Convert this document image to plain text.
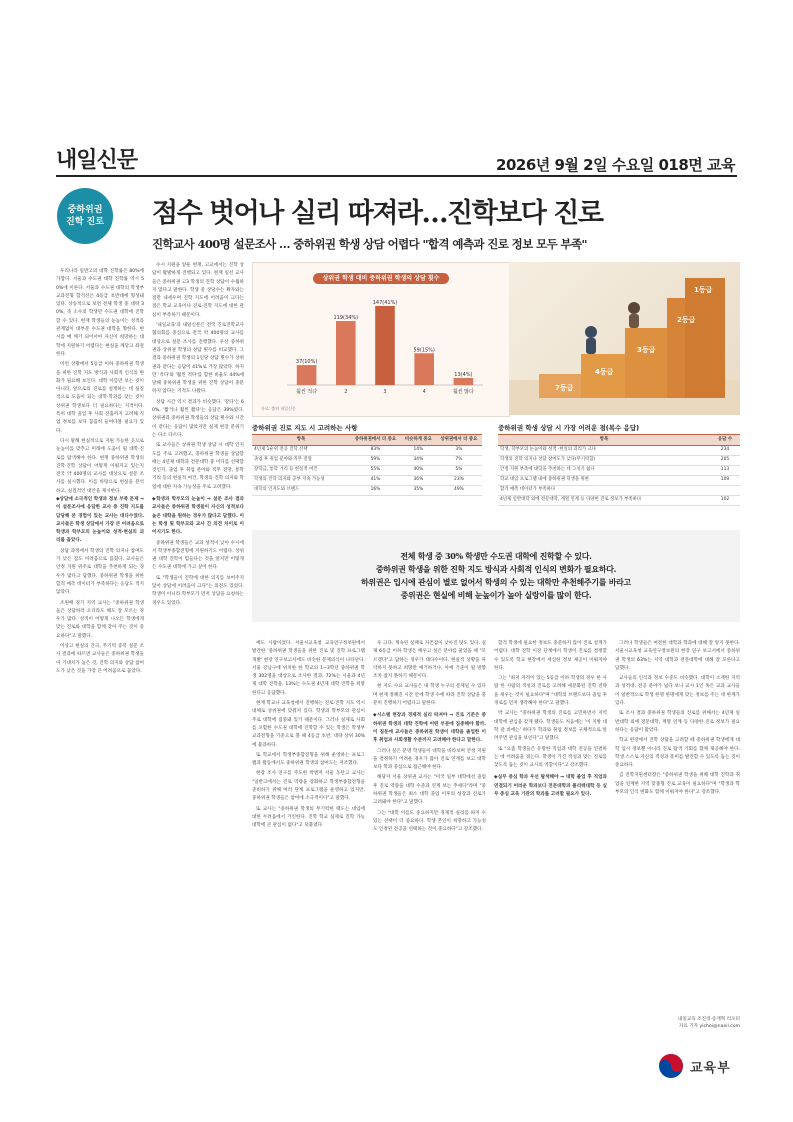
내일신문	2026년 9월 2일 수요일 018면 교육
중하위권
진학 진로 점수 벗어나 실리 따져라…진학보다 진로
진학교사 400명 설문조사 … 중하위권 학생 상담 어렵다 "합격 예측과 진로 정보 모두 부족"

우리나라 일반고의 대학 진학률은 80%에 가깝다. 서울과 수도권 대학 진학률 역시 50%에 이른다. 서울과 수도권 대학의 학생부교과전형 합격선은 4등급 초반대에 형성돼 있다. 상승적으로 보면 전체 학생 중 대략 30%, 즉 소수의 학생만 수도권 대학에 진학할 수 있다. 현재 학생들의 눈높이는 성적과 관계없이 대부분 수도권 대학을 향한다. 현시를 매 깨기 되어서야 자신이 희망하는 대학에 지원하기 어렵다는 현실을 깨닫고 좌절한다.

이런 상황에서 5등급 이하 중하위권 학생을 위한 진학 지도 방식과 사회적 인식의 변화가 필요해 보인다. 대학 이름만 보는 것이 아니라, 앞으로의 진로를 설계하는 데 실질적으로 도움이 되는 대학·학과를 찾는 것이 상위권 학생보다 더 필요하다는 지적이다. 특히 대학 졸업 후 사회 진출까지 고려해 직업 정보를 보다 꼼꼼히 들여다볼 필요가 있다.

다시 말해 현실적으로 지원 가능한 곳으로 눈높이를 맞추고 미래에 도움이 될 대학·진로를 탐색해야 한다. 현재 중하위권 학생의 진학·진학 상담이 어떻게 이뤄지고 있는지 전국 약 400명의 교사를 대상으로 설문 조사를 실시했다. 이를 바탕으로 현실을 분석하고, 실질적인 대안을 제시한다.

상위권 학생 대비 중하위권 학생의 상담 횟수
37(10%)
훨씬 적다
119(34%)
2
147(41%)
3
59(15%)
4
13(4%)
훨씬 많다
자료: 출처 내일신문
7등급
4등급
3등급
2등급
1등급
중하위권 진로 지도 시 고려하는 사항
항목	중하위권에서 더 중요	비슷하게 중요	상위권에서 더 중요
4년제 1순위 전공 진학 선택	83%	14%	3%
졸업 후 취업 분야와 직무 전망	59%	34%	7%
장학금, 통학 거리 등 현실적 여건	55%	40%	5%
학생의 진학 의지와 공부 지속 가능성	41%	36%	23%
대학의 인지도와 브랜드	16%	35%	49%
중하위권 학생 상담 시 가장 어려운 점(복수 응답)
항목	응답 수
학생, 학부모의 눈높이와 성적 ·현실의 괴리가 크다	234
학생의 진학 의지나 상담 참여도가 낮다(무기력함)	205
안정 지원 부족에 대학을 추천하는 데 그치기 쉽다	113
학교 대입 프로그램 내에 중하위권 학생을 위한	109
합격 예측 데이터가 부족하다	
4년제 일반대학 외에 전문대학, 계열 연계 등 다양한 진로 정보가 부족하다	102
전체 학생 중 30% 학생만 수도권 대학에 진학할 수 있다.
중하위권 학생을 위한 진학 지도 방식과 사회적 인식의 변화가 필요하다.
하위권은 입시에 관심이 별로 없어서 학생의 수 있는 대학만 추천해주기를 바라고
중위권은 현실에 비해 눈높이가 높아 실랑이를 많이 한다.

◆상담에 소극적인 학생과 정보 부족 문제 → 이 설문조사에 응답한 교사 중 진학 지도를 담당해 본 경험이 있는 교사는 대다수였다. 교사들은 학생 상담에서 가장 큰 어려움으로 학생과 학부모의 눈높이와 성적·현실의 괴리를 꼽았다.

상담 과정에서 학생의 진학 의지나 참여도가 낮은 점도 어려움으로 꼽혔다. 교사들은 안정 지원 위주로 대학을 추천하게 되는 경우가 많다고 답했다. 중하위권 학생을 위한 합격 예측 데이터가 부족하다는 응답도 적지 않았다.

조원배 경기 지역 교사는 "중하위권 학생들은 상담하러 오더라도 해도 잘 모르는 경우가 많다. 성적이 어떻게 나오든 학생에게 맞는 진로와 대학을 함께 찾아 주는 것이 중요하다"고 말했다.

이상고 현실의 간극, 무기력 증폭 설문 조사 결과에 따르면 교사들은 중하위권 학생들이 기대치가 높은 것, 진학 의지와 상담 참여도가 낮은 것을 가장 큰 어려움으로 꼽았다.

에도 사람이었다. 서울시교육청 교육연구정보원에서 발간한 '중하위권 학생들을 위한 진로 및 진학 프로그램 개발' 현장 연구보고서에도 비슷한 문제의식이 나타난다. 서울 강남구에 위치한 한 학교의 1~3학년 중하위권 학생 302명을 대상으로 조사한 결과, 72%는 서울과 4년제 대학 진학을, 13%는 수도권 4년제 대학 진학을 희망한다고 응답했다.

현재 학교나 교육청에서 진행하는 진로·진학 지도 역시 대체로 상위권에 맞춰져 있다. 학생과 학부모의 관심이 주로 대학에 집중돼 있기 때문이다. 그러나 실제로 사회를 포함한 수도권 대학에 진학할 수 있는 학생은 학생부교과전형을 기준으로 볼 때 4등급 초반, 대략 상위 30%에 불과하다.

또 학교에서 학생부종합전형을 위해 운영하는 프로그램과 활동에서도 중하위권 학생의 참여도는 저조했다.

현장 조사 연구를 주도한 박엔미 서울 동탄고 교사는 "일반고에서는 진로 역량을 강화하고 학생부종합전형을 준비하기 위해 여러 단계 프로그램을 운영하고 있지만, 중하위권 학생들은 참여에 소극적이다"고 말했다.

또 교사는 "중하위권 학생의 무기력한 태도는 대입에 대한 두려움에서 기인한다. 진학 학교 실제로 진학 가능 대학에 큰 관심이 없다"고 덧붙였다.

우 크다. 계속된 실패로 자존감이 낮아진 탓도 있다. 실제 6등급 이하 학생은 배우고 싶은 분야를 물었을 때 "모르겠다"고 답하는 경우가 대다수이다. 현실적 상황을 파악하지 못하고 희망만 얘기하거나, 아예 기준이 될 방향조차 잡지 못하기 때문이다.

현 지도 수요 교사들은 내 학생 누구의 문제일 수 있다며 현재 정해진 시간 안에 학생 수에 따라 진학 상담을 충분히 진행하기 어렵다고 말한다.

◆시스템 현장과 경제적 실리 따져야 → 진로 기준은 중하위권 학생의 대학 진학에 어떤 부분에 집중해야 할까. 이 질문에 교사들은 중하위권 학생이 대학을 졸업한 이후 취업과 사회생활 수준까지 고려해야 한다고 말한다.

그러나 실은 분명 학생들이 대학을 바라보며 안정 지원을 결정하기 어려운 경우가 많아 진로 연계를 보고 대학보다 학과 중심으로 접근해야 한다.

해당지 서울 상위권 교사는 "미국 일부 대학에선 졸업 후 진로 역량을 대학 수준과 연계 보는 추세다"라며 "중하위권 학생들은 최소 대학 졸업 이후의 성장과 진로가 고려돼야 한다"고 말했다.

그는 "대학 이름도 중요하지만 경제적 실리를 따져 수 있는 선택이 더 중요하다. 학생 본인이 희망하고 가능성도 인정된 전공을 선택하는 것이 중요하다"고 강조했다.

합격 학생에 필요한 정보도 충분하지 않아 진로 설계가 어렵다. 대학 진학 이전 단계에서 학생이 진로를 결정할 수 있도록 학교 현장에서 세심한 정보 제공이 이뤄져야 한다.

그는 "최저 자격이 있는 5등급 이하 학생의 경우 한 사람 한 사람의 적성과 진로를 고려해 세분화된 진학 전략을 세우는 것이 필요하다"며 "대학의 브랜드보다 졸업 후 경로를 먼저 생각해야 한다"고 말했다.

박 교사는 "중하위권 학생의 진로를 고민하면서 지역 대학에 관심을 갖게 됐다. 학생들도 처음에는 '이 지방 대학 갈 바에는' 하다가 학과와 취업 정보를 구체적으로 알려주면 관심을 보인다"고 말했다.

또 "요즘 학생들은 유망한 직업과 대학 전공을 연결하는 데 어려움을 겪는다. 학생이 가진 적성과 맞는 진로를 찾도록 돕는 것이 교사의 역할이다"고 강조했다.

◆실무 중심 학과 우선 탐색해야 → 대학 졸업 후 직업과 연결되기 어려운 학과보다 전문대학과 폴리텍대학 등 실무 중심 교육 기관의 학과를 고려할 필요가 있다.

그러나 학생들은 여전한 대학과 학과에 대해 잘 알지 못한다. 서울시교육청 교육연구정보원의 현장 연구 보고서에서 중하위권 학생의 63%는 지역 대학과 전문대학에 대해 잘 모른다고 답했다.

교사들의 인식과 정보 수준도 비슷했다. 대학이 소재한 지역과 성적대, 전공 분야가 넓다 보니 교사 1인 혹은 교과 교사들이 일반적으로 학생 한명 한명에게 맞는 정보를 주는 데 한계가 있다.

또 조사 결과 중하위권 학생들의 진로를 위해서는 4년제 일반대학 외에 전문대학, 계열 연계 등 다양한 진로 정보가 필요하다는 응답이 많았다.

학교 현장에서 진학 상담을 고려할 때 중하위권 학생에게 대학 입시 정보뿐 아니라 진로 탐색 기회를 함께 제공해야 한다. 학생 스스로 자신의 적성과 흥미를 발견할 수 있도록 돕는 것이 중요하다.

김 진학지원센터장은 "중하위권 학생을 위해 대학 진학과 취업을 연계한 지역 맞춤형 진로 교육이 필요하다"며 "학생과 학부모의 인식 변화도 함께 이뤄져야 한다"고 강조했다.

내일교육 조진경·송재혁 리포터
자료 기자 yichoi@naeil.com
교육부

수시 지원을 앞둔 현재, 고교에서는 진학 상담이 활발하게 진행되고 있다. 현재 일선 교사들은 중하위권 고3 학생의 진학 상담이 수월하지 않다고 말한다. 학생 중 상당수는 확자와는 점만 내세우며 진학 지도에 어려움이 크다는 점은 학교 교육이나 진로·진학 지도에 대한 관심이 부족하기 때문이다.

'내일교육'과 내일신문은 전국 진로진학교사협의회를 중심으로 전국 약 400명의 교사를 대상으로 설문 조사를 진행했다. 우선 중하위권과 상위권 학생의 상담 횟수를 비교했다. 그 결과 중하위권 학생의 1인당 상담 횟수가 상위권과 같다는 응답이 41%로 가장 많았다. 하지만 '적다'와 '훨씬 적다'를 합한 비율도 44%에 달해 중하위권 학생을 위한 진학 상담이 충분하지 않다는 지적도 나왔다.

상담 시간 역시 결과가 비슷했다. '같다'는 60%, '짧거나 훨씬 짧다'는 응답은 39%였다. 상위권과 중하위권 학생들의 상담 횟수와 시간이 같다는 응답이 많았지만 실제 현장 분위기는 다소 다르다.

또 교사들은 상위권 학생 상담 시 대학 인지도를 주로 고려했고, 중하위권 학생을 상담할 때는 4년제 대학과 전문대학 중 어디를 선택할 것인지, 졸업 후 취업 분야와 직무 전망, 통학 거리 등의 현실적 여건, 학생의 진학 의지와 학업에 대한 지속 가능성을 주로 고려했다.

◆학생과 학부모의 눈높이 → 설문 조사 결과 교사들은 중하위권 학생들이 자신의 성적보다 높은 대학을 원하는 경우가 많다고 답했다. 이는 학생 및 학부모와 교사 간 의견 차이로 이어지기도 한다.

중하위권 학생들은 교과 성적이 낮아 수시에서 학생부종합전형에 지원하기도 어렵다. 상위권 대학 진학이 힘들다는 것을 알지만 어떻게든 수도권 대학에 가고 싶어 한다.

또 "학생들이 진학에 대한 의지를 보여주지 않아 상담에 어려움이 크다"는 의견도 있었다. 학생이 아니라 학부모가 먼저 상담을 요청하는 경우도 있었다.
